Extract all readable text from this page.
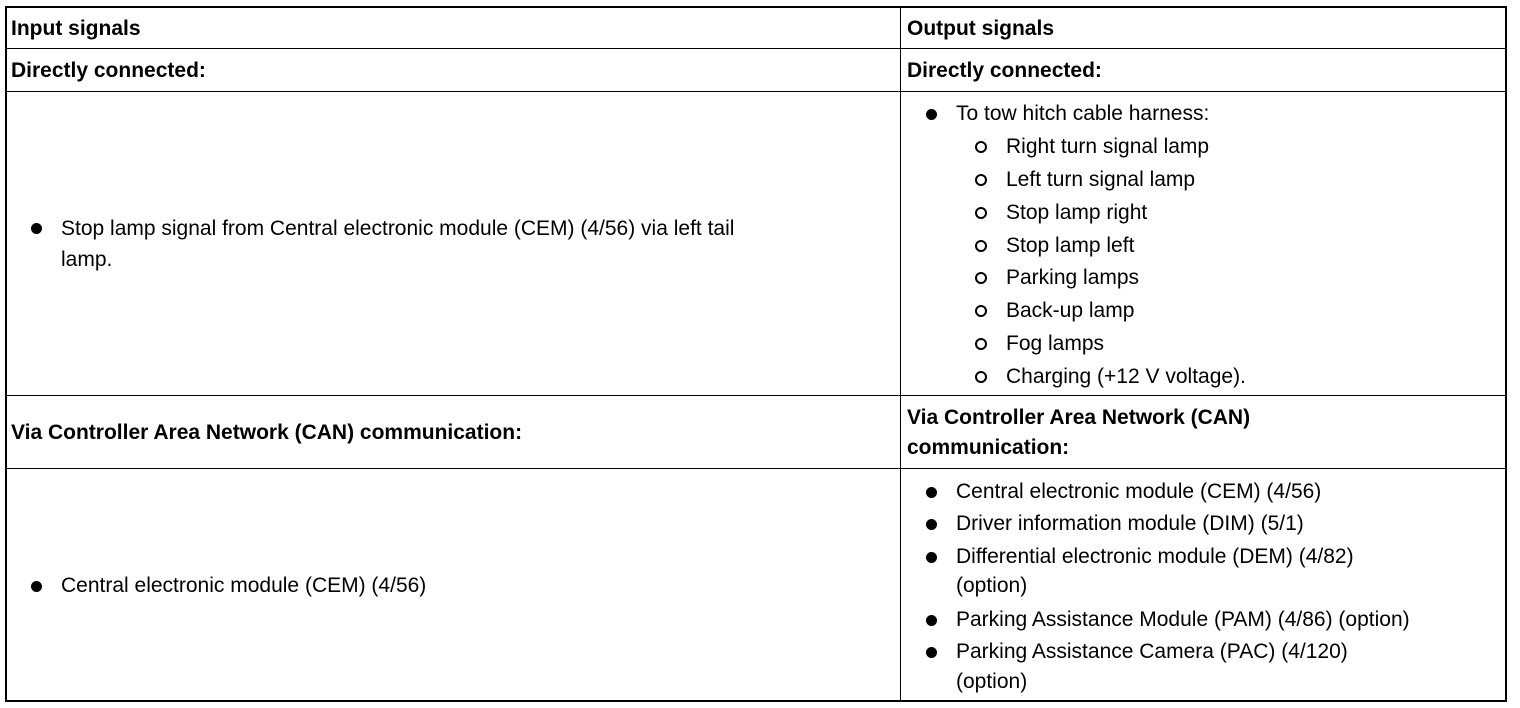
Input signals	Output signals
Directly connected:	Directly connected:
Stop lamp signal from Central electronic module (CEM) (4/56) via left tail
lamp.
To tow hitch cable harness:
Right turn signal lamp
Left turn signal lamp
Stop lamp right
Stop lamp left
Parking lamps
Back-up lamp
Fog lamps
Charging (+12 V voltage).
Via Controller Area Network (CAN) communication:
Via Controller Area Network (CAN)
communication:
Central electronic module (CEM) (4/56)
Central electronic module (CEM) (4/56)
Driver information module (DIM) (5/1)
Differential electronic module (DEM) (4/82)
(option)
Parking Assistance Module (PAM) (4/86) (option)
Parking Assistance Camera (PAC) (4/120)
(option)
